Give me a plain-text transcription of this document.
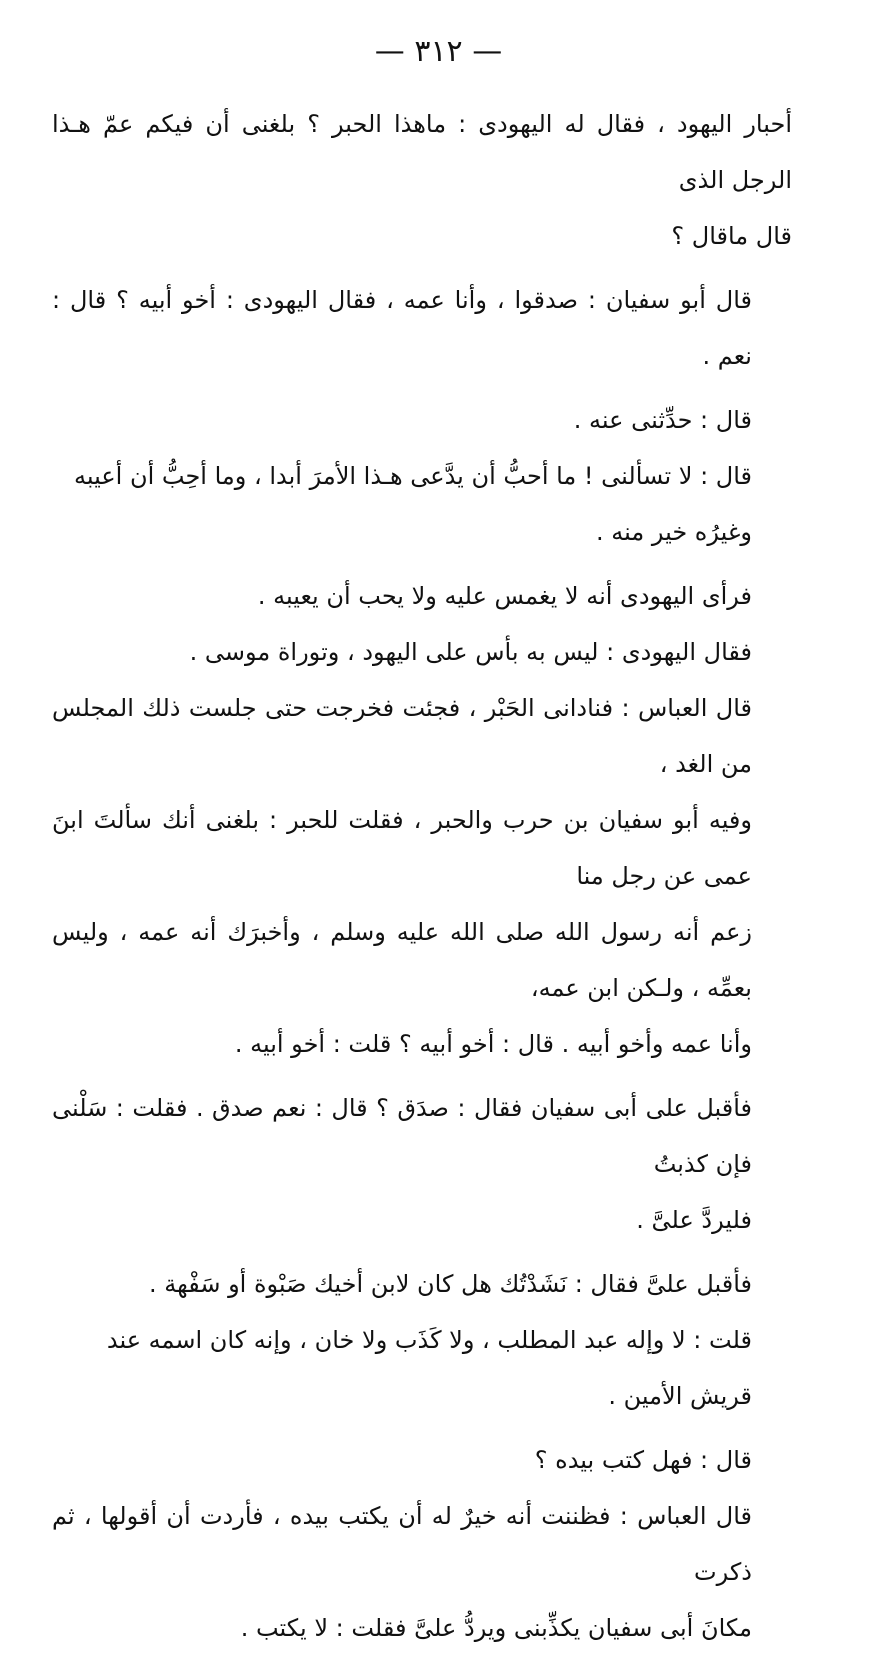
— ٣١٢ —

أحبار اليهود ، فقال له اليهودى : ماهذا الحبر ؟ بلغنى أن فيكم عمّ هـذا الرجل الذى
قال ماقال ؟

قال أبو سفيان : صدقوا ، وأنا عمه ، فقال اليهودى : أخو أبيه ؟ قال : نعم .

قال : حدِّثنى عنه .

قال : لا تسألنى ! ما أحبُّ أن يدَّعى هـذا الأمرَ أبدا ، وما أحِبُّ أن أعيبه
وغيرُه خير منه .

فرأى اليهودى أنه لا يغمس عليه ولا يحب أن يعيبه .

فقال اليهودى : ليس به بأس على اليهود ، وتوراة موسى .

قال العباس : فنادانى الحَبْر ، فجئت فخرجت حتى جلست ذلك المجلس من الغد ،
وفيه أبو سفيان بن حرب والحبر ، فقلت للحبر : بلغنى أنك سألتَ ابنَ عمى عن رجل منا
زعم أنه رسول الله صلى الله عليه وسلم ، وأخبرَك أنه عمه ، وليس بعمِّه ، ولـكن ابن عمه،
وأنا عمه وأخو أبيه . قال : أخو أبيه ؟ قلت : أخو أبيه .

فأقبل على أبى سفيان فقال : صدَق ؟ قال : نعم صدق . فقلت : سَلْنى فإن كذبتُ
فليردَّ علىَّ .

فأقبل علىَّ فقال : نَشَدْتُك هل كان لابن أخيك صَبْوة أو سَفْهة .

قلت : لا وإله عبد المطلب ، ولا كَذَب ولا خان ، وإنه كان اسمه عند
قريش الأمين .

قال : فهل كتب بيده ؟

قال العباس : فظننت أنه خيرٌ له أن يكتب بيده ، فأردت أن أقولها ، ثم ذكرت
مكانَ أبى سفيان يكذِّبنى ويردُّ علىَّ فقلت : لا يكتب .
